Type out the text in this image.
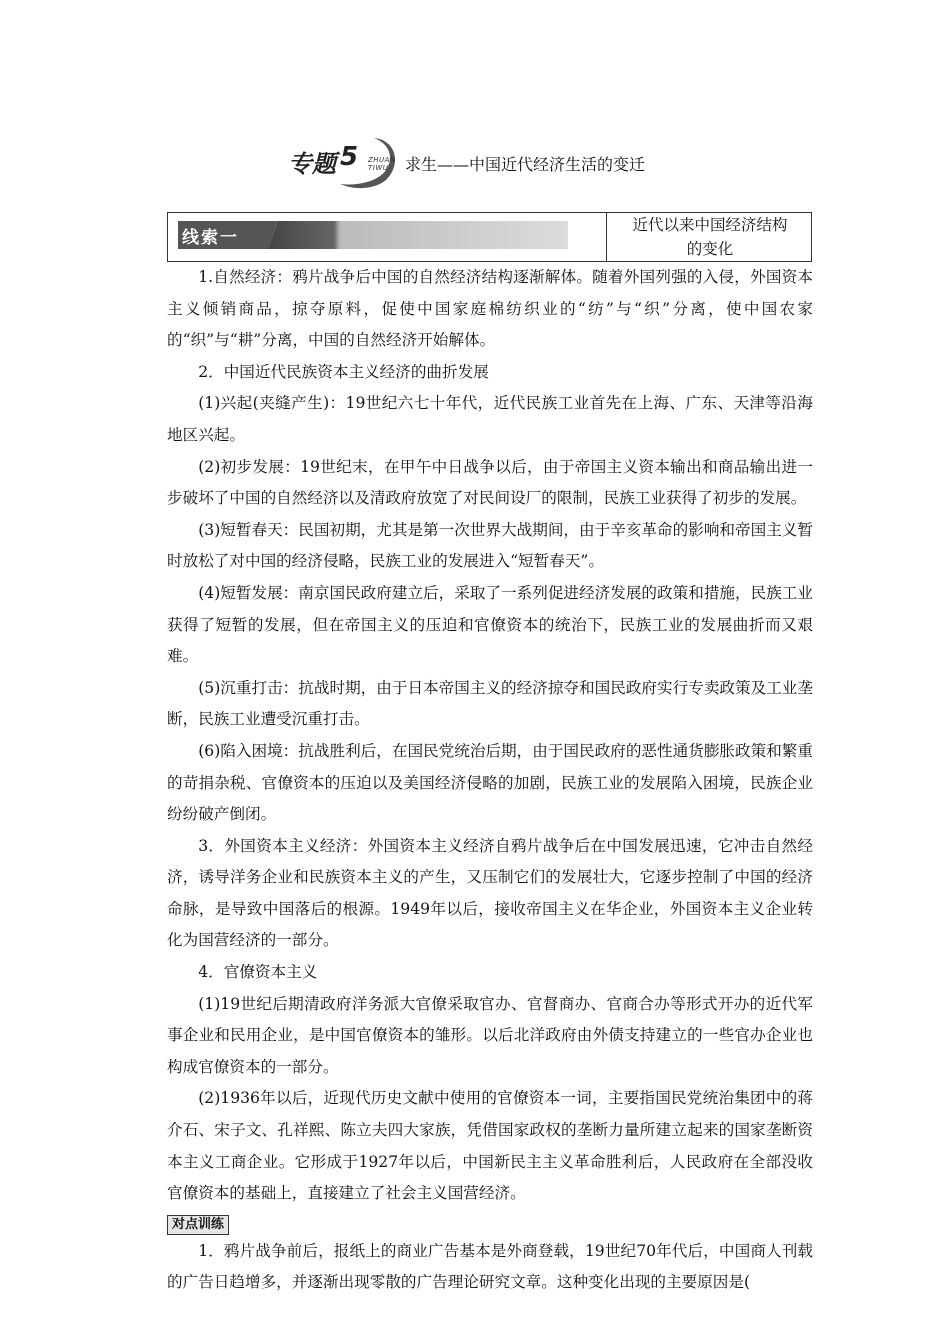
专题 5 ZHUAN
TIWU	求生——中国近代经济生活的变迁
线索一
近代以来中国经济结构
的变化

1.自然经济：鸦片战争后中国的自然经济结构逐渐解体。随着外国列强的入侵，外国资本主义倾销商品，掠夺原料，促使中国家庭棉纺织业的“纺”与“织”分离，使中国农家的“织”与“耕”分离，中国的自然经济开始解体。

2．中国近代民族资本主义经济的曲折发展

(1)兴起(夹缝产生)：19世纪六七十年代，近代民族工业首先在上海、广东、天津等沿海地区兴起。

(2)初步发展：19世纪末，在甲午中日战争以后，由于帝国主义资本输出和商品输出进一步破坏了中国的自然经济以及清政府放宽了对民间设厂的限制，民族工业获得了初步的发展。

(3)短暂春天：民国初期，尤其是第一次世界大战期间，由于辛亥革命的影响和帝国主义暂时放松了对中国的经济侵略，民族工业的发展进入“短暂春天”。

(4)短暂发展：南京国民政府建立后，采取了一系列促进经济发展的政策和措施，民族工业获得了短暂的发展，但在帝国主义的压迫和官僚资本的统治下，民族工业的发展曲折而又艰难。

(5)沉重打击：抗战时期，由于日本帝国主义的经济掠夺和国民政府实行专卖政策及工业垄断，民族工业遭受沉重打击。

(6)陷入困境：抗战胜利后，在国民党统治后期，由于国民政府的恶性通货膨胀政策和繁重的苛捐杂税、官僚资本的压迫以及美国经济侵略的加剧，民族工业的发展陷入困境，民族企业纷纷破产倒闭。

3．外国资本主义经济：外国资本主义经济自鸦片战争后在中国发展迅速，它冲击自然经济，诱导洋务企业和民族资本主义的产生，又压制它们的发展壮大，它逐步控制了中国的经济命脉，是导致中国落后的根源。1949年以后，接收帝国主义在华企业，外国资本主义企业转化为国营经济的一部分。

4．官僚资本主义

(1)19世纪后期清政府洋务派大官僚采取官办、官督商办、官商合办等形式开办的近代军事企业和民用企业，是中国官僚资本的雏形。以后北洋政府由外债支持建立的一些官办企业也构成官僚资本的一部分。

(2)1936年以后，近现代历史文献中使用的官僚资本一词，主要指国民党统治集团中的蒋介石、宋子文、孔祥熙、陈立夫四大家族，凭借国家政权的垄断力量所建立起来的国家垄断资本主义工商企业。它形成于1927年以后，中国新民主主义革命胜利后，人民政府在全部没收官僚资本的基础上，直接建立了社会主义国营经济。

对点训练

1．鸦片战争前后，报纸上的商业广告基本是外商登载，19世纪70年代后，中国商人刊载的广告日趋增多，并逐渐出现零散的广告理论研究文章。这种变化出现的主要原因是(
